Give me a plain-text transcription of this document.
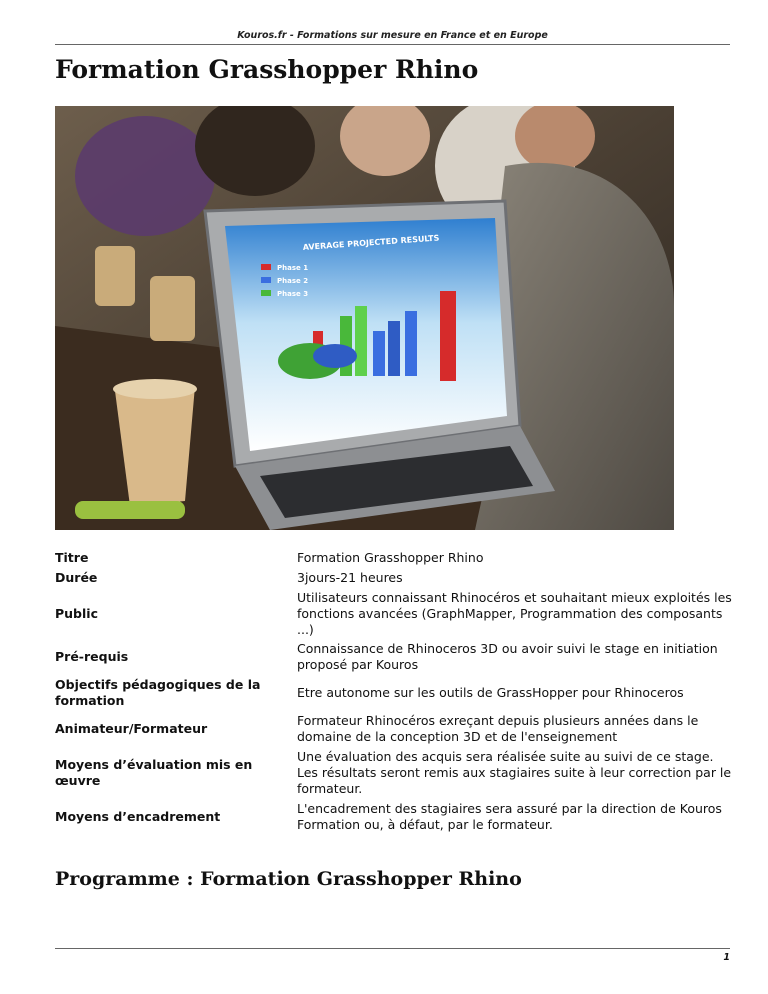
Kouros.fr - Formations sur mesure en France et en Europe
Formation Grasshopper Rhino
AVERAGE PROJECTED RESULTS
Phase 1
Phase 2
Phase 3
Titre	Formation Grasshopper Rhino
Durée	3jours-21 heures
Public	Utilisateurs connaissant Rhinocéros et souhaitant mieux exploités les fonctions avancées (GraphMapper, Programmation des composants ...)
Pré-requis	Connaissance de Rhinoceros 3D ou avoir suivi le stage en initiation proposé par Kouros
Objectifs pédagogiques de la formation	Etre autonome sur les outils de GrassHopper pour Rhinoceros
Animateur/Formateur	Formateur Rhinocéros exreçant depuis plusieurs années dans le domaine de la conception 3D et de l'enseignement
Moyens d’évaluation mis en œuvre	Une évaluation des acquis sera réalisée suite au suivi de ce stage. Les résultats seront remis aux stagiaires suite à leur correction par le formateur.
Moyens d’encadrement	L'encadrement des stagiaires sera assuré par la direction de Kouros Formation ou, à défaut, par le formateur.
Programme : Formation Grasshopper Rhino
1
